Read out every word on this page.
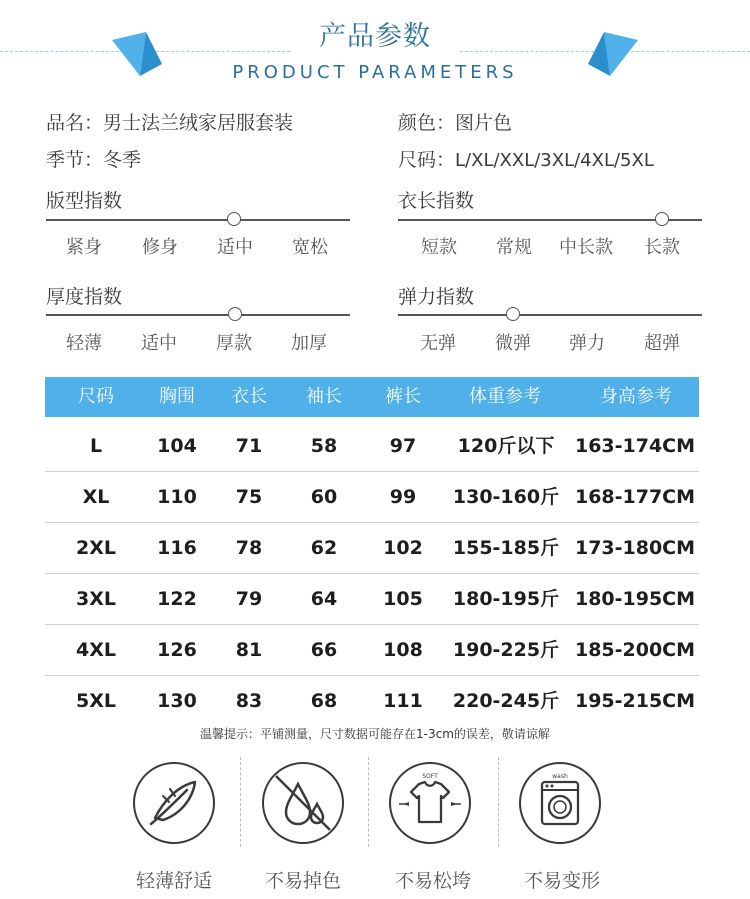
产品参数
PRODUCT PARAMETERS
品名：男士法兰绒家居服套装	颜色：图片色
季节：冬季	尺码：L/XL/XXL/3XL/4XL/5XL
版型指数
紧身	修身	适中	宽松
衣长指数
短款	常规	中长款	长款
厚度指数
轻薄	适中	厚款	加厚
弹力指数
无弹	微弹	弹力	超弹
尺码	胸围	衣长	袖长	裤长	体重参考	身高参考
L	104	71	58	97	120斤以下	163-174CM
XL	110	75	60	99	130-160斤 168-177CM
2XL	116	78	62	102	155-185斤 173-180CM
3XL	122	79	64	105	180-195斤 180-195CM
4XL	126	81	66	108	190-225斤 185-200CM
5XL	130	83	68	111	220-245斤 195-215CM
温馨提示：平铺测量，尺寸数据可能存在1-3cm的误差，敬请谅解
轻薄舒适	不易掉色
SOFT
不易松垮
wash
不易变形
